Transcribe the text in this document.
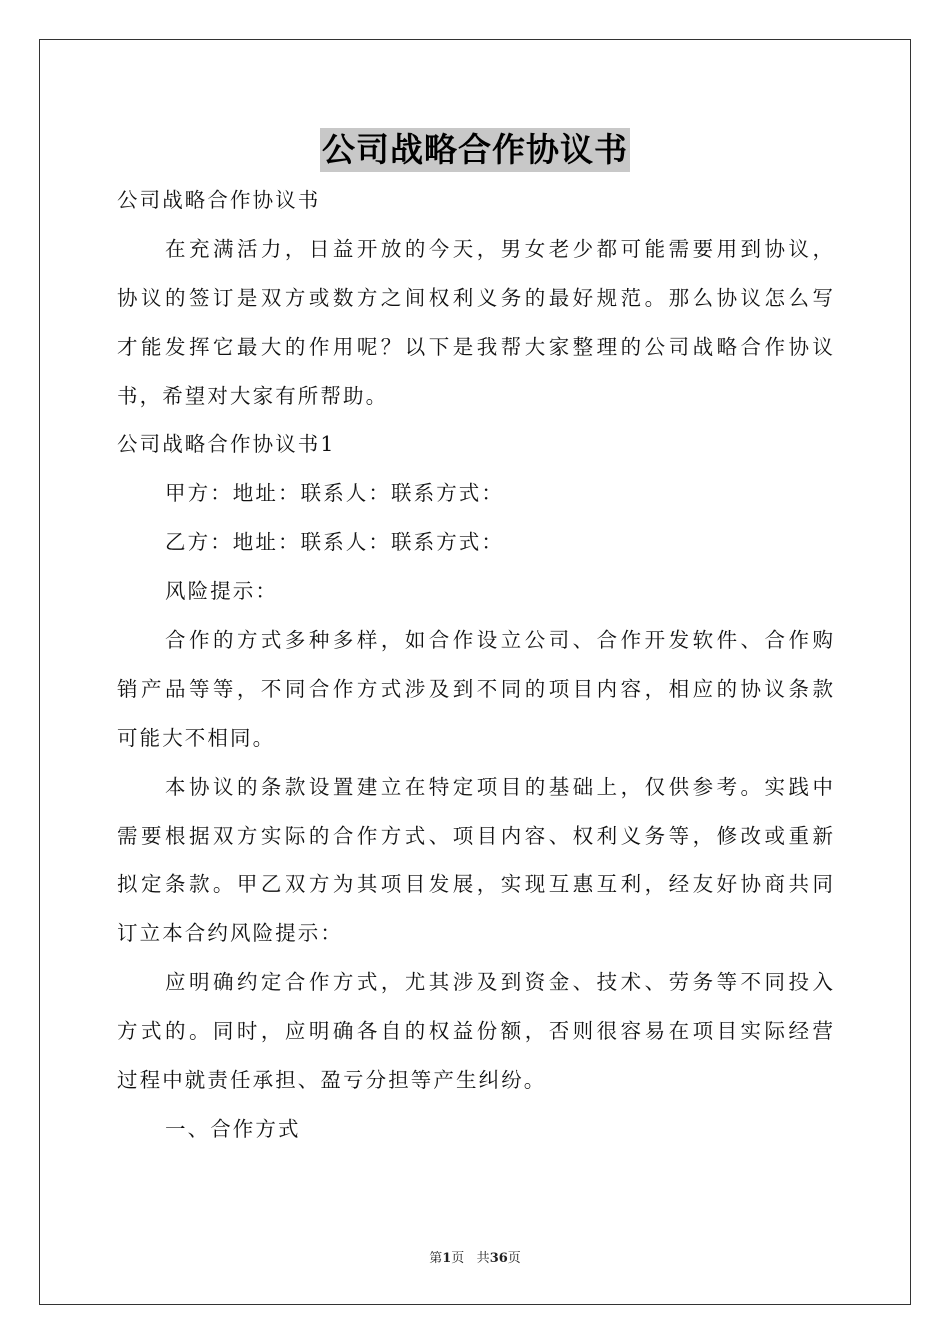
公司战略合作协议书
公司战略合作协议书
在充满活力，日益开放的今天，男女老少都可能需要用到协议，
协议的签订是双方或数方之间权利义务的最好规范。那么协议怎么写
才能发挥它最大的作用呢？以下是我帮大家整理的公司战略合作协议
书，希望对大家有所帮助。
公司战略合作协议书1
甲方：地址：联系人：联系方式：
乙方：地址：联系人：联系方式：
风险提示：
合作的方式多种多样，如合作设立公司、合作开发软件、合作购
销产品等等，不同合作方式涉及到不同的项目内容，相应的协议条款
可能大不相同。
本协议的条款设置建立在特定项目的基础上，仅供参考。实践中
需要根据双方实际的合作方式、项目内容、权利义务等，修改或重新
拟定条款。甲乙双方为其项目发展，实现互惠互利，经友好协商共同
订立本合约风险提示：
应明确约定合作方式，尤其涉及到资金、技术、劳务等不同投入
方式的。同时，应明确各自的权益份额，否则很容易在项目实际经营
过程中就责任承担、盈亏分担等产生纠纷。
一、合作方式
第1页 共36页
